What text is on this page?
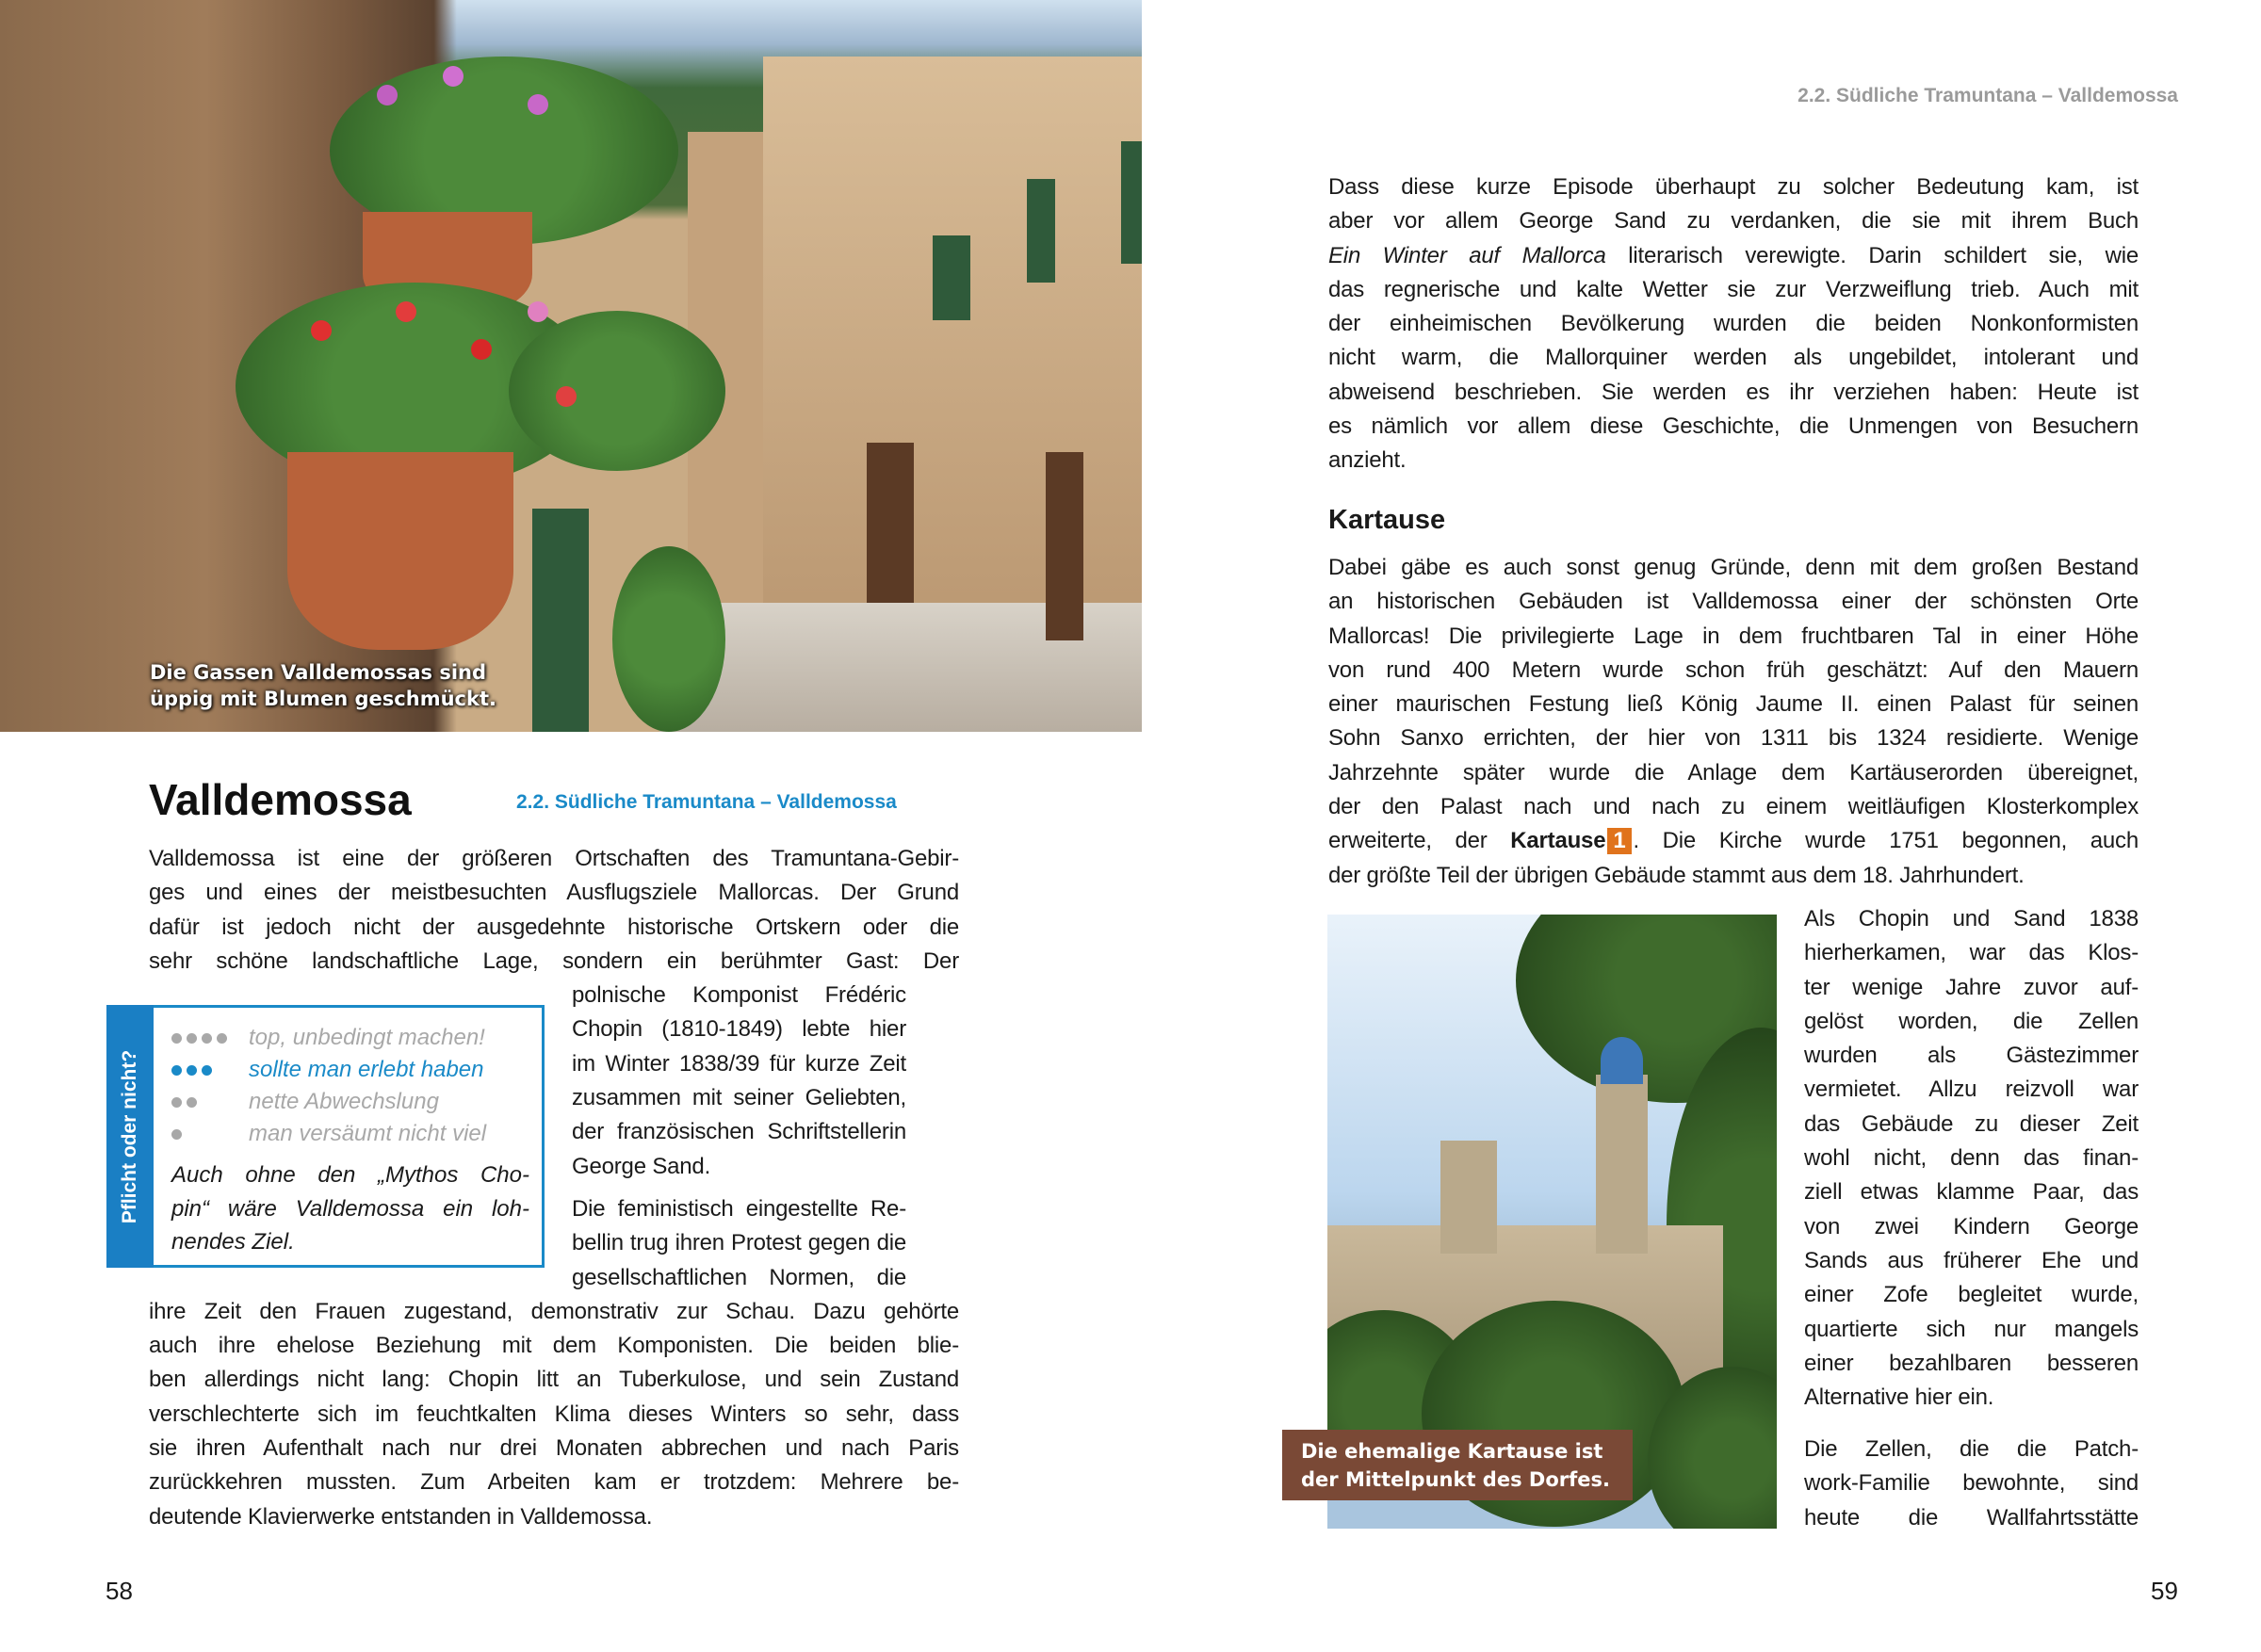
Die Gassen Valldemossas sind
üppig mit Blumen geschmückt.
Valldemossa	2.2. Südliche Tramuntana – Valldemossa
Valldemossa ist eine der größeren Ortschaften des Tramuntana-Gebir-
ges und eines der meistbesuchten Ausflugsziele Mallorcas. Der Grund
dafür ist jedoch nicht der ausgedehnte historische Ortskern oder die
sehr schöne landschaftliche Lage, sondern ein berühmter Gast: Der
polnische Komponist Frédéric
Chopin (1810-1849) lebte hier
im Winter 1838/39 für kurze Zeit
zusammen mit seiner Geliebten,
der französischen Schriftstellerin
George Sand.
Die feministisch eingestellte Re-
bellin trug ihren Protest gegen die
gesellschaftlichen Normen, die
ihre Zeit den Frauen zugestand, demonstrativ zur Schau. Dazu gehörte
auch ihre ehelose Beziehung mit dem Komponisten. Die beiden blie-
ben allerdings nicht lang: Chopin litt an Tuberkulose, und sein Zustand
verschlechterte sich im feuchtkalten Klima dieses Winters so sehr, dass
sie ihren Aufenthalt nach nur drei Monaten abbrechen und nach Paris
zurückkehren mussten. Zum Arbeiten kam er trotzdem: Mehrere be-
deutende Klavierwerke entstanden in Valldemossa.
Pflicht oder nicht?
top, unbedingt machen!
sollte man erlebt haben
nette Abwechslung
man versäumt nicht viel
Auch ohne den „Mythos Cho-
pin“ wäre Valldemossa ein loh-
nendes Ziel.
58
2.2. Südliche Tramuntana – Valldemossa
Dass diese kurze Episode überhaupt zu solcher Bedeutung kam, ist
aber vor allem George Sand zu verdanken, die sie mit ihrem Buch
Ein Winter auf Mallorca literarisch verewigte. Darin schildert sie, wie
das regnerische und kalte Wetter sie zur Verzweiflung trieb. Auch mit
der einheimischen Bevölkerung wurden die beiden Nonkonformisten
nicht warm, die Mallorquiner werden als ungebildet, intolerant und
abweisend beschrieben. Sie werden es ihr verziehen haben: Heute ist
es nämlich vor allem diese Geschichte, die Unmengen von Besuchern
anzieht.
Kartause
Dabei gäbe es auch sonst genug Gründe, denn mit dem großen Bestand
an historischen Gebäuden ist Valldemossa einer der schönsten Orte
Mallorcas! Die privilegierte Lage in dem fruchtbaren Tal in einer Höhe
von rund 400 Metern wurde schon früh geschätzt: Auf den Mauern
einer maurischen Festung ließ König Jaume II. einen Palast für seinen
Sohn Sanxo errichten, der hier von 1311 bis 1324 residierte. Wenige
Jahrzehnte später wurde die Anlage dem Kartäuserorden übereignet,
der den Palast nach und nach zu einem weitläufigen Klosterkomplex
erweiterte, der Kartause 1 . Die Kirche wurde 1751 begonnen, auch
der größte Teil der übrigen Gebäude stammt aus dem 18. Jahrhundert.
Als Chopin und Sand 1838
hierherkamen, war das Klos-
ter wenige Jahre zuvor auf-
gelöst worden, die Zellen
wurden als Gästezimmer
vermietet. Allzu reizvoll war
das Gebäude zu dieser Zeit
wohl nicht, denn das finan-
ziell etwas klamme Paar, das
von zwei Kindern George
Sands aus früherer Ehe und
einer Zofe begleitet wurde,
quartierte sich nur mangels
einer bezahlbaren besseren
Alternative hier ein.
Die Zellen, die die Patch-
work-Familie bewohnte, sind
heute die Wallfahrtsstätte
Die ehemalige Kartause ist
der Mittelpunkt des Dorfes.
59
